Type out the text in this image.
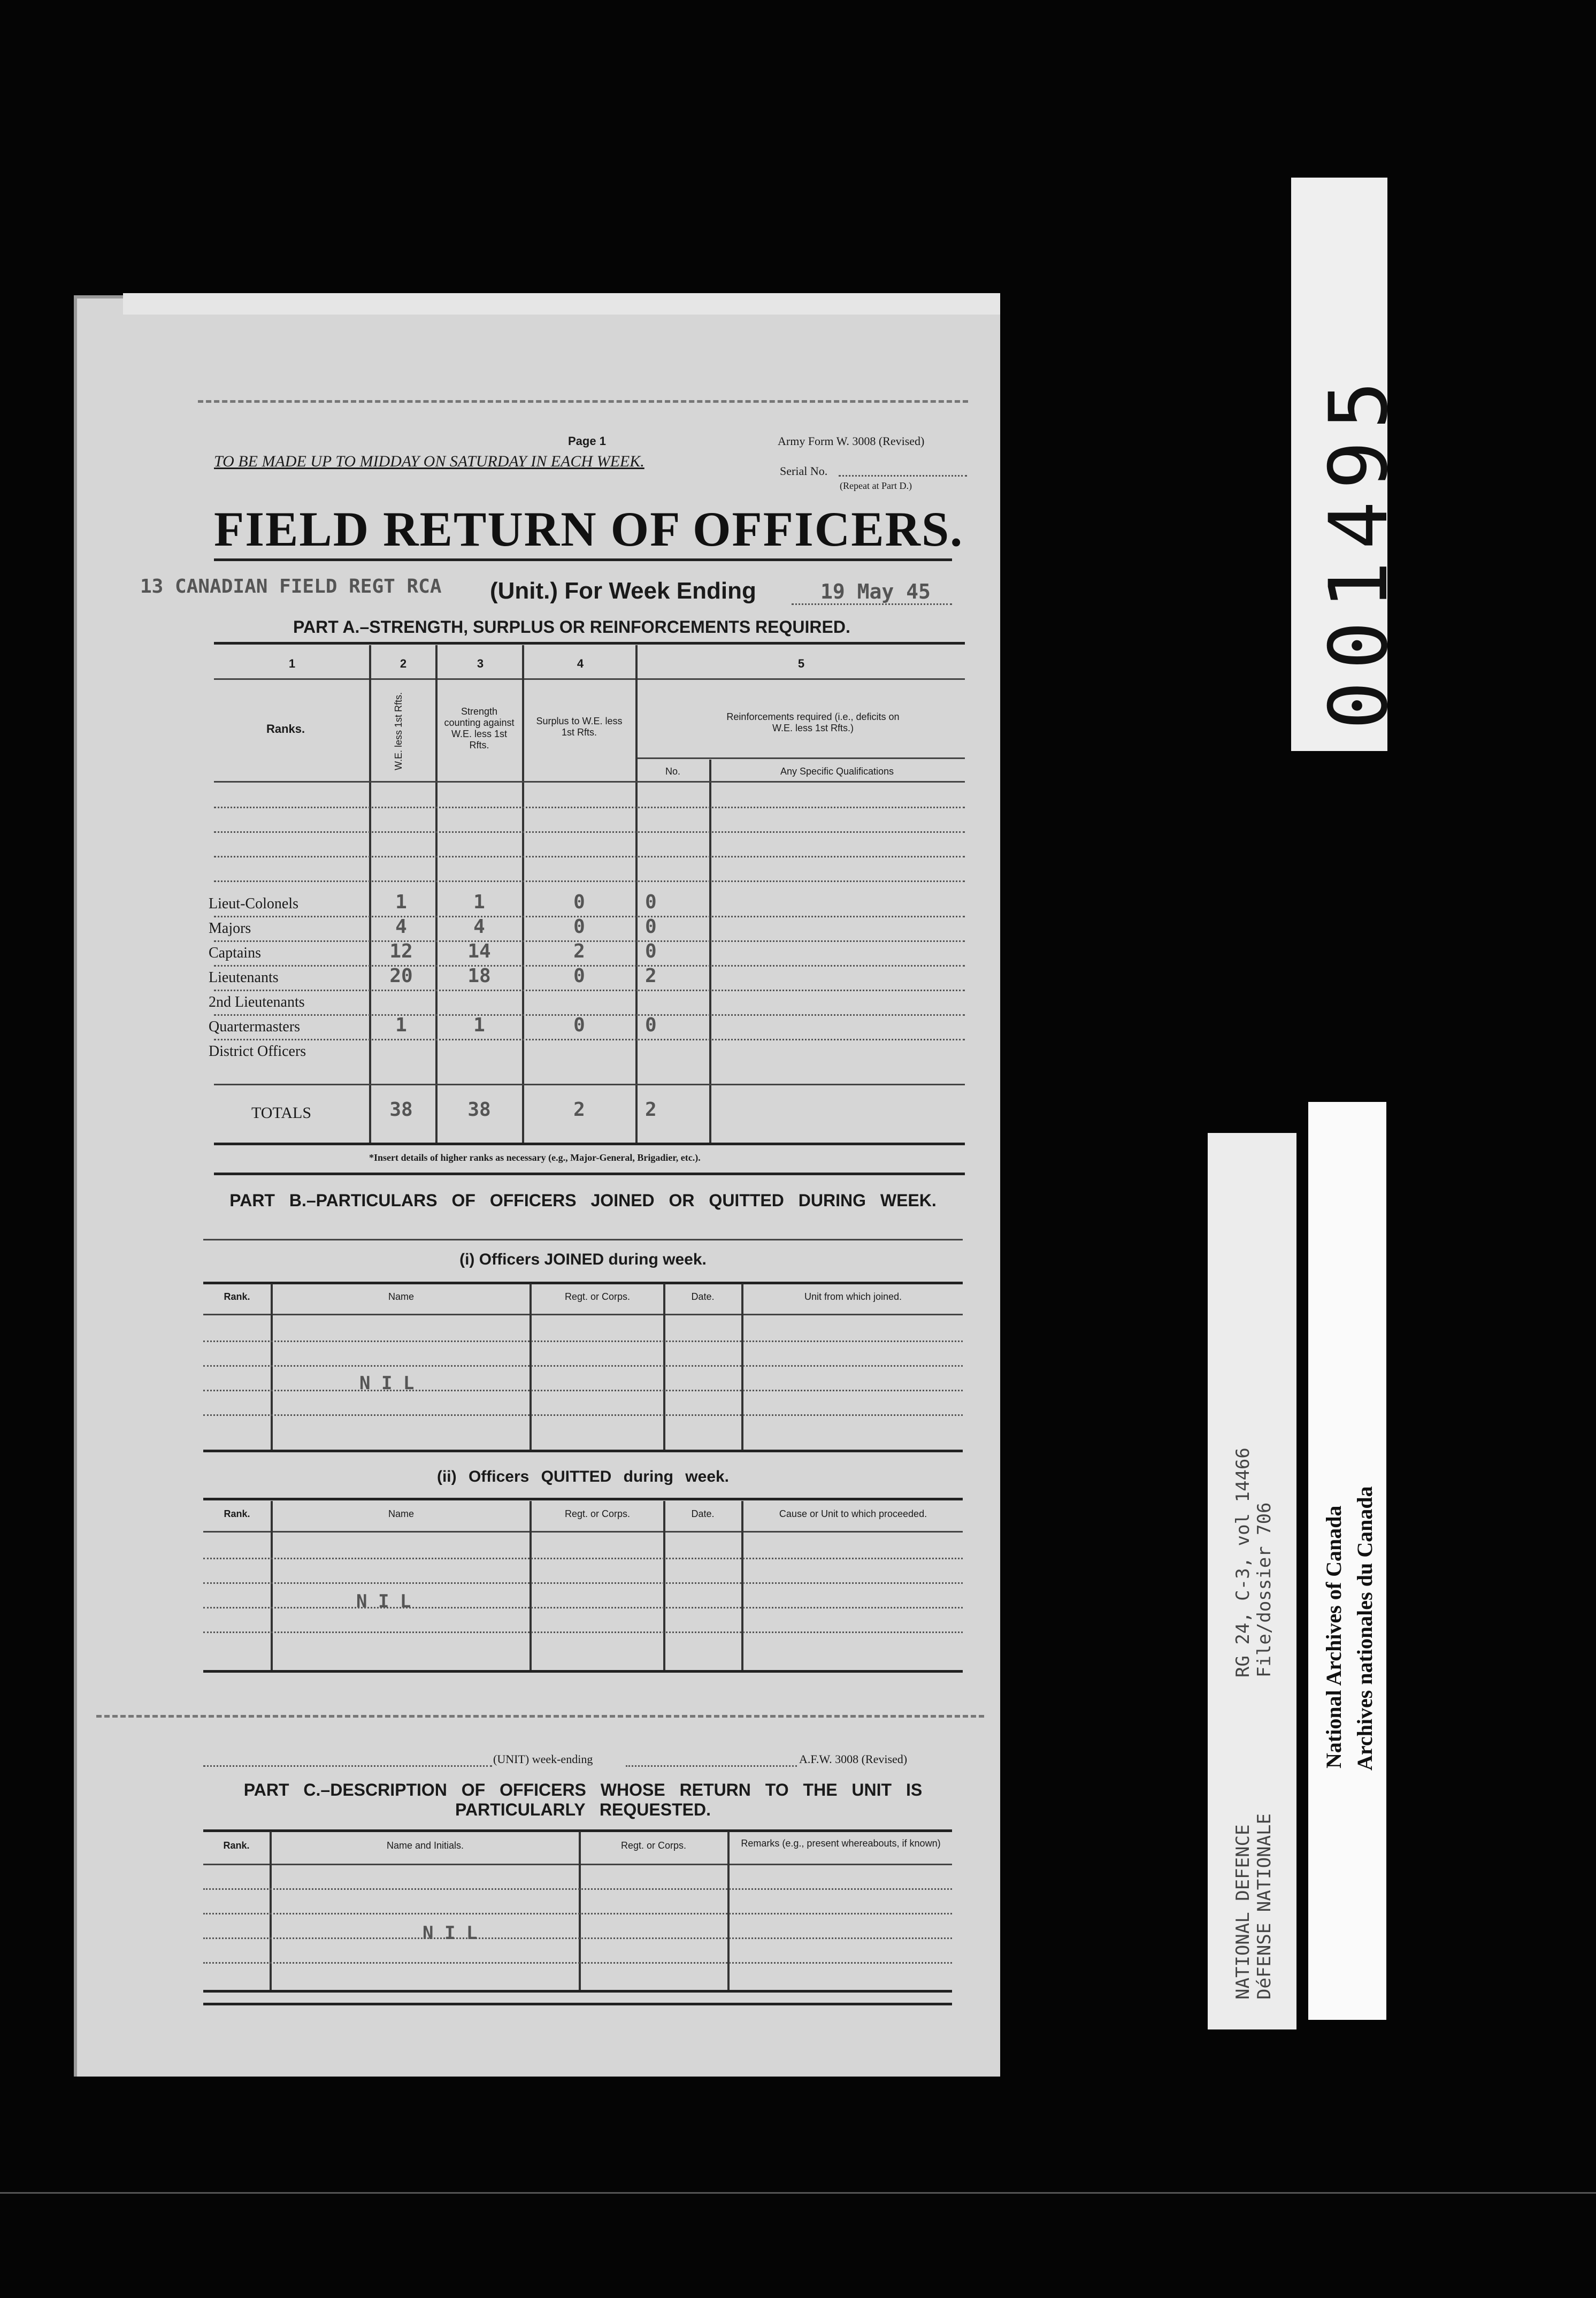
Page 1	Army Form W. 3008 (Revised)
TO BE MADE UP TO MIDDAY ON SATURDAY IN EACH WEEK.
Serial No.
(Repeat at Part D.)
FIELD RETURN OF OFFICERS.
13 CANADIAN FIELD REGT RCA (Unit.) For Week Ending	19 May 45
PART A.–STRENGTH, SURPLUS OR REINFORCEMENTS REQUIRED.
1	2	3	4	5
Ranks.	W.E. less 1st Rfts.	Strength counting against W.E. less 1st Rfts.
Surplus to W.E. less 1st Rfts.
Reinforcements required (i.e., deficits on W.E. less 1st Rfts.)
No.	Any Specific Qualifications
Lieut-Colonels	1	1	0	0
Majors	4	4	0	0
Captains	12	14	2	0
Lieutenants	20	18	0	2
2nd Lieutenants
Quartermasters	1	1	0	0
District Officers
TOTALS	38	38	2	2
*Insert details of higher ranks as necessary (e.g., Major-General, Brigadier, etc.).
PART B.–PARTICULARS OF OFFICERS JOINED OR QUITTED DURING WEEK.
(i) Officers JOINED during week.
Rank.	Name	Regt. or Corps.	Date.	Unit from which joined.
N I L
(ii) Officers QUITTED during week.
Rank.	Name	Regt. or Corps.	Date.	Cause or Unit to which proceeded.
N I L
(UNIT) week-ending	A.F.W. 3008 (Revised)
PART C.–DESCRIPTION OF OFFICERS WHOSE RETURN TO THE UNIT IS PARTICULARLY REQUESTED.
Rank.	Name and Initials.	Regt. or Corps.	Remarks (e.g., present whereabouts, if known)
N I L
001495
RG 24, C-3, vol 14466 File/dossier 706
NATIONAL DEFENCE DéFENSE NATIONALE
National Archives of Canada Archives nationales du Canada
